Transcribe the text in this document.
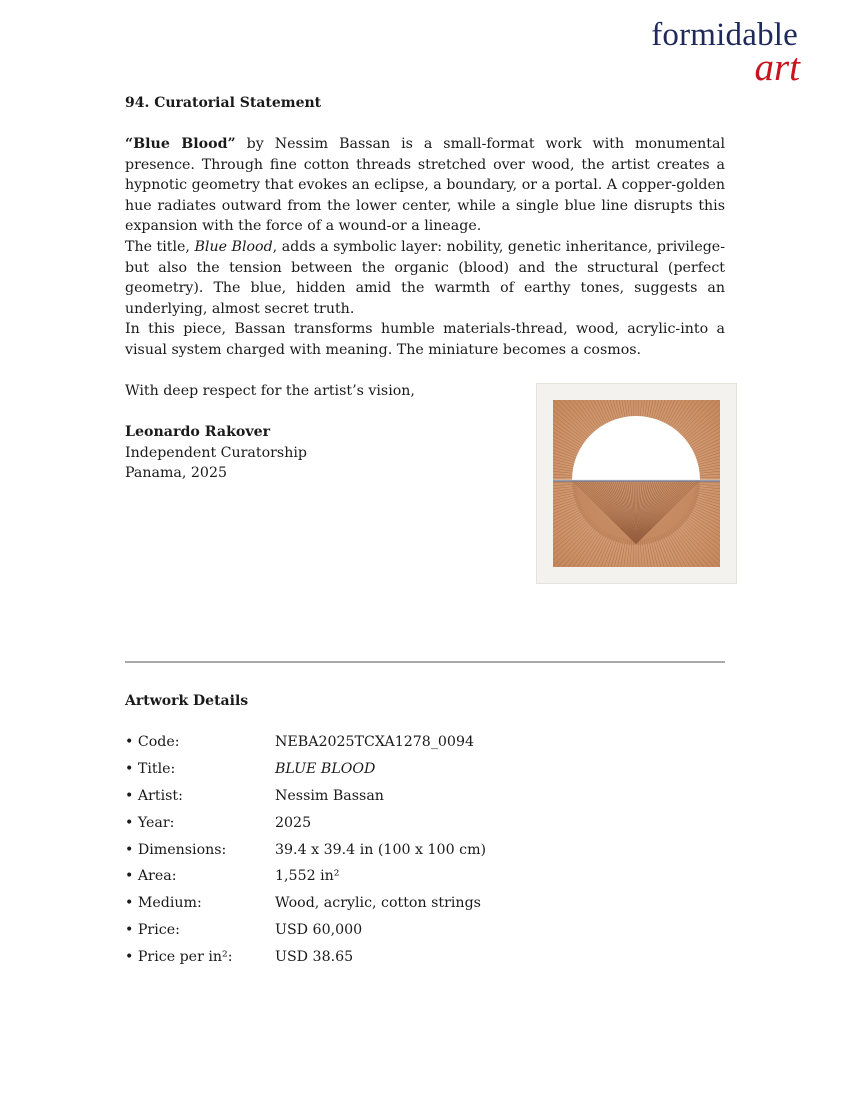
formidable
art

94. Curatorial Statement

“Blue Blood” by Nessim Bassan is a small-format work with monumental presence. Through fine cotton threads stretched over wood, the artist creates a hypnotic geometry that evokes an eclipse, a boundary, or a portal. A copper-golden hue radiates outward from the lower center, while a single blue line disrupts this expansion with the force of a wound-or a lineage.

The title, Blue Blood, adds a symbolic layer: nobility, genetic inheritance, privilege-but also the tension between the organic (blood) and the structural (perfect geometry). The blue, hidden amid the warmth of earthy tones, suggests an underlying, almost secret truth.

In this piece, Bassan transforms humble materials-thread, wood, acrylic-into a visual system charged with meaning. The miniature becomes a cosmos.

With deep respect for the artist’s vision,

Leonardo Rakover
Independent Curatorship
Panama, 2025

Artwork Details

• Code:	NEBA2025TCXA1278_0094
• Title:	BLUE BLOOD
• Artist:	Nessim Bassan
• Year:	2025
• Dimensions:	39.4 x 39.4 in (100 x 100 cm)
• Area:	1,552 in²
• Medium:	Wood, acrylic, cotton strings
• Price:	USD 60,000
• Price per in²:	USD 38.65
